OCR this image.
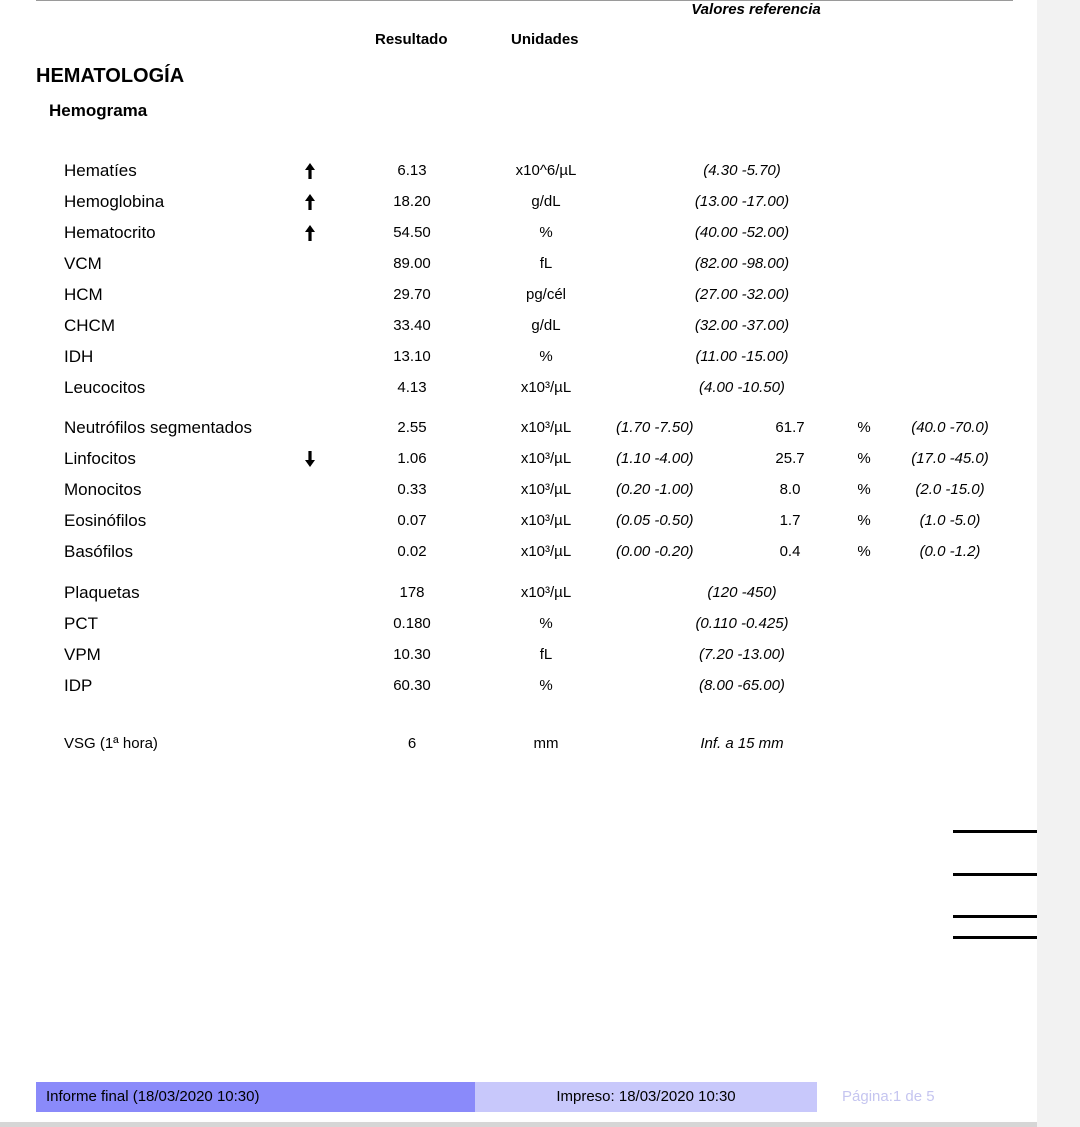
Resultado	Unidades
Valores referencia
HEMATOLOGÍA
Hemograma
Hematíes	6.13	x10^6/µL	(4.30 -5.70)
Hemoglobina	18.20	g/dL	(13.00 -17.00)
Hematocrito	54.50	%	(40.00 -52.00)
VCM	89.00	fL	(82.00 -98.00)
HCM	29.70	pg/cél	(27.00 -32.00)
CHCM	33.40	g/dL	(32.00 -37.00)
IDH	13.10	%	(11.00 -15.00)
Leucocitos	4.13	x10³/µL	(4.00 -10.50)
Neutrófilos segmentados	2.55	x10³/µL	(1.70 -7.50)	61.7	%	(40.0 -70.0)
Linfocitos	1.06	x10³/µL	(1.10 -4.00)	25.7	%	(17.0 -45.0)
Monocitos	0.33	x10³/µL	(0.20 -1.00)	8.0	%	(2.0 -15.0)
Eosinófilos	0.07	x10³/µL	(0.05 -0.50)	1.7	%	(1.0 -5.0)
Basófilos	0.02	x10³/µL	(0.00 -0.20)	0.4	%	(0.0 -1.2)
Plaquetas	178	x10³/µL	(120 -450)
PCT	0.180	%	(0.110 -0.425)
VPM	10.30	fL	(7.20 -13.00)
IDP	60.30	%	(8.00 -65.00)
VSG (1ª hora)	6	mm	Inf. a 15 mm
Informe final (18/03/2020 10:30)	Impreso: 18/03/2020 10:30	Página:1 de 5
